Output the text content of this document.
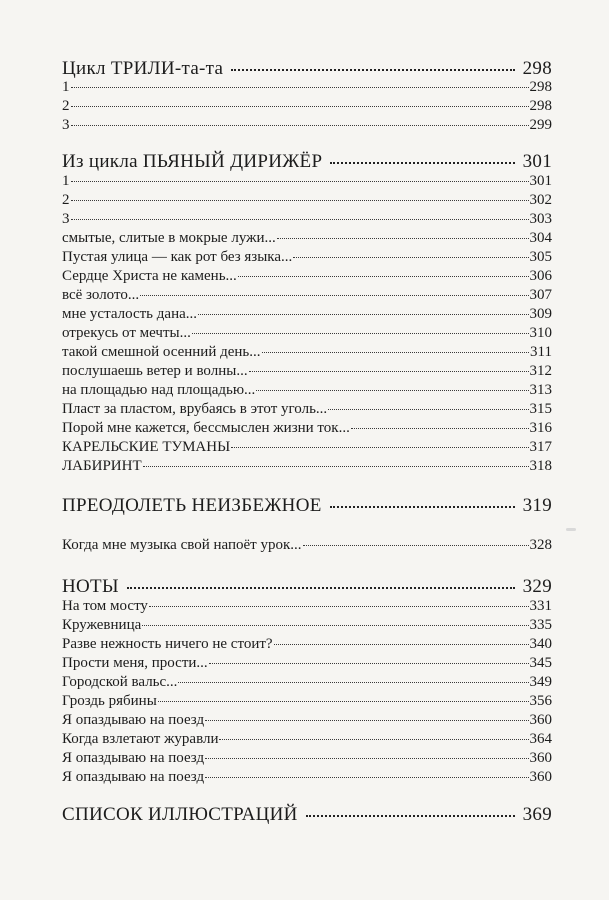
Цикл ТРИЛИ-та-та	298
1	298
2	298
3	299
Из цикла ПЬЯНЫЙ ДИРИЖЁР	301
1	301
2	302
3	303
смытые, слитые в мокрые лужи...	304
Пустая улица — как рот без языка...	305
Сердце Христа не камень...	306
всё золото...	307
мне усталость дана...	309
отрекусь от мечты...	310
такой смешной осенний день...	311
послушаешь ветер и волны...	312
на площадью над площадью...	313
Пласт за пластом, врубаясь в этот уголь...	315
Порой мне кажется, бессмыслен жизни ток...	316
КАРЕЛЬСКИЕ ТУМАНЫ	317
ЛАБИРИНТ	318
ПРЕОДОЛЕТЬ НЕИЗБЕЖНОЕ	319
Когда мне музыка свой напоёт урок...	328
НОТЫ	329
На том мосту	331
Кружевница	335
Разве нежность ничего не стоит?	340
Прости меня, прости...	345
Городской вальс...	349
Гроздь рябины	356
Я опаздываю на поезд	360
Когда взлетают журавли	364
Я опаздываю на поезд	360
Я опаздываю на поезд	360
СПИСОК ИЛЛЮСТРАЦИЙ	369
